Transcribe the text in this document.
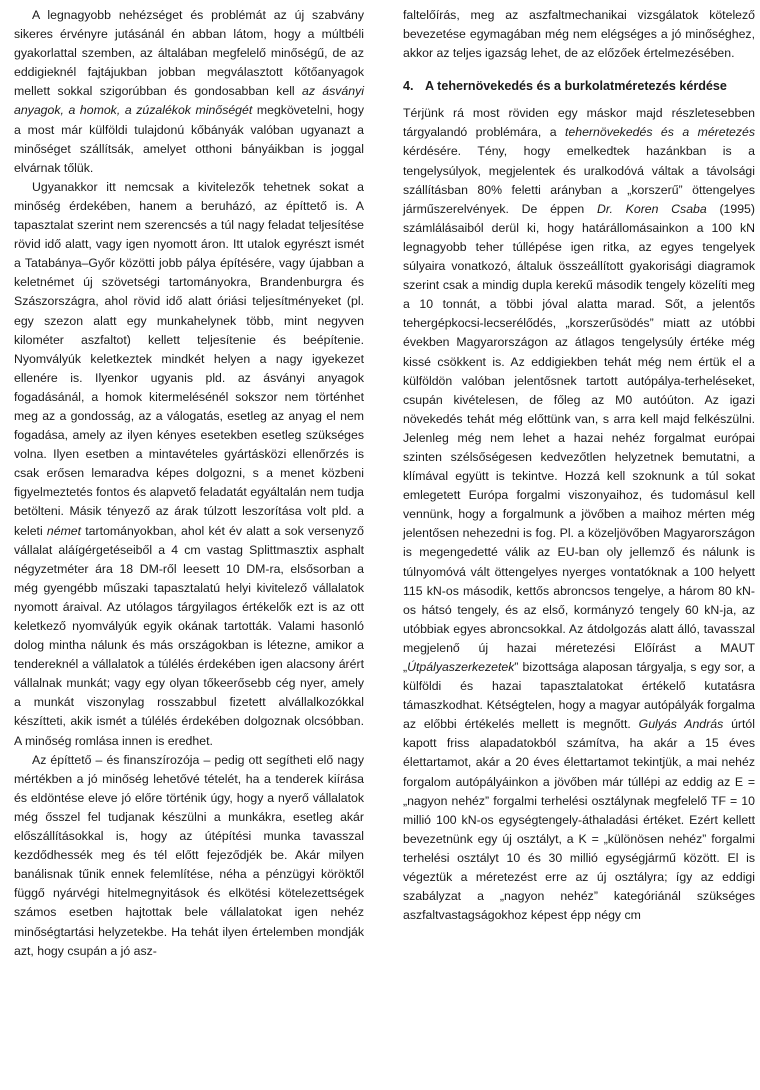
A legnagyobb nehézséget és problémát az új szabvány sikeres érvényre jutásánál én abban látom, hogy a múltbéli gyakorlattal szemben, az általában megfelelő minőségű, de az eddigieknél fajtájukban jobban megválasztott kőtőanyagok mellett sokkal szigorúbban és gondosabban kell az ásványi anyagok, a homok, a zúzalékok minőségét megkövetelni, hogy a most már külföldi tulajdonú kőbányák valóban ugyanazt a minőséget szállítsák, amelyet otthoni bányáikban is joggal elvárnak tőlük.

Ugyanakkor itt nemcsak a kivitelezők tehetnek sokat a minőség érdekében, hanem a beruházó, az építtető is. A tapasztalat szerint nem szerencsés a túl nagy feladat teljesítése rövid idő alatt, vagy igen nyomott áron. Itt utalok egyrészt ismét a Tatabánya–Győr közötti jobb pálya építésére, vagy újabban a keletnémet új szövetségi tartományokra, Brandenburgra és Szászországra, ahol rövid idő alatt óriási teljesítményeket (pl. egy szezon alatt egy munkahelynek több, mint negyven kilométer aszfaltot) kellett teljesítenie és beépítenie. Nyomvályúk keletkeztek mindkét helyen a nagy igyekezet ellenére is. Ilyenkor ugyanis pld. az ásványi anyagok fogadásánál, a homok kitermelésénél sokszor nem történhet meg az a gondosság, az a válogatás, esetleg az anyag el nem fogadása, amely az ilyen kényes esetekben esetleg szükséges volna. Ilyen esetben a mintavételes gyártásközi ellenőrzés is csak erősen lemaradva képes dolgozni, s a menet közbeni figyelmeztetés fontos és alapvető feladatát egyáltalán nem tudja betölteni. Másik tényező az árak túlzott leszorítása volt pld. a keleti német tartományokban, ahol két év alatt a sok versenyző vállalat aláígérgetéseiből a 4 cm vastag Splittmasztix asphalt négyzetméter ára 18 DM-ről leesett 10 DM-ra, elsősorban a még gyengébb műszaki tapasztalatú helyi kivitelező vállalatok nyomott áraival. Az utólagos tárgyilagos értékelők ezt is az ott keletkező nyomvályúk egyik okának tartották. Valami hasonló dolog mintha nálunk és más országokban is létezne, amikor a tendereknél a vállalatok a túlélés érdekében igen alacsony árért vállalnak munkát; vagy egy olyan tőkeerősebb cég nyer, amely a munkát viszonylag rosszabbul fizetett alvállalkozókkal készítteti, akik ismét a túlélés érdekében dolgoznak olcsóbban. A minőség romlása innen is eredhet.

Az építtető – és finanszírozója – pedig ott segítheti elő nagy mértékben a jó minőség lehetővé tételét, ha a tenderek kiírása és eldöntése eleve jó előre történik úgy, hogy a nyerő vállalatok még ősszel fel tudjanak készülni a munkákra, esetleg akár előszállításokkal is, hogy az útépítési munka tavasszal kezdődhessék meg és tél előtt fejeződjék be. Akár milyen banálisnak tűnik ennek felemlítése, néha a pénzügyi köröktől függő nyárvégi hitelmegnyitások és elkötési kötelezettségek számos esetben hajtottak bele vállalatokat igen nehéz minőségtartási helyzetekbe. Ha tehát ilyen értelemben mondják azt, hogy csupán a jó asz-

faltelőírás, meg az aszfaltmechanikai vizsgálatok kötelező bevezetése egymagában még nem elégséges a jó minőséghez, akkor az teljes igazság lehet, de az előzőek értelmezésében.

4. A tehernövekedés és a burkolatméretezés kérdése

Térjünk rá most röviden egy máskor majd részletesebben tárgyalandó problémára, a tehernövekedés és a méretezés kérdésére. Tény, hogy emelkedtek hazánkban is a tengelysúlyok, megjelentek és uralkodóvá váltak a távolsági szállításban 80% feletti arányban a „korszerű” öttengelyes járműszerelvények. De éppen Dr. Koren Csaba (1995) számlálásaiból derül ki, hogy határállomásainkon a 100 kN legnagyobb teher túllépése igen ritka, az egyes tengelyek súlyaira vonatkozó, általuk összeállított gyakorisági diagramok szerint csak a mindig dupla kerekű második tengely közelíti meg a 10 tonnát, a többi jóval alatta marad. Sőt, a jelentős tehergépkocsi-lecserélődés, „korszerűsödés” miatt az utóbbi években Magyarországon az átlagos tengelysúly értéke még kissé csökkent is. Az eddigiekben tehát még nem értük el a külföldön valóban jelentősnek tartott autópálya-terheléseket, csupán kivételesen, de főleg az M0 autóúton. Az igazi növekedés tehát még előttünk van, s arra kell majd felkészülni. Jelenleg még nem lehet a hazai nehéz forgalmat európai szinten szélsőségesen kedvezőtlen helyzetnek bemutatni, a klímával együtt is tekintve. Hozzá kell szoknunk a túl sokat emlegetett Európa forgalmi viszonyaihoz, és tudomásul kell vennünk, hogy a forgalmunk a jövőben a maihoz mérten még jelentősen nehezedni is fog. Pl. a közeljövőben Magyarországon is megengedetté válik az EU-ban oly jellemző és nálunk is túlnyomóvá vált öttengelyes nyerges vontatóknak a 100 helyett 115 kN-os második, kettős abroncsos tengelye, a három 80 kN-os hátsó tengely, és az első, kormányzó tengely 60 kN-ja, az utóbbiak egyes abroncsokkal. Az átdolgozás alatt álló, tavasszal megjelenő új hazai méretezési Előírást a MAUT „Útpályaszerkezetek” bizottsága alaposan tárgyalja, s egy sor, a külföldi és hazai tapasztalatokat értékelő kutatásra támaszkodhat. Kétségtelen, hogy a magyar autópályák forgalma az előbbi értékelés mellett is megnőtt. Gulyás András úrtól kapott friss alapadatokból számítva, ha akár a 15 éves élettartamot, akár a 20 éves élettartamot tekintjük, a mai nehéz forgalom autópályáinkon a jövőben már túllépi az eddig az E = „nagyon nehéz” forgalmi terhelési osztálynak megfelelő TF = 10 millió 100 kN-os egységtengely-áthaladási értéket. Ezért kellett bevezetnünk egy új osztályt, a K = „különösen nehéz” forgalmi terhelési osztályt 10 és 30 millió egységjármű között. El is végeztük a méretezést erre az új osztályra; így az eddigi szabályzat a „nagyon nehéz” kategóriánál szükséges aszfaltvastagságokhoz képest épp négy cm
